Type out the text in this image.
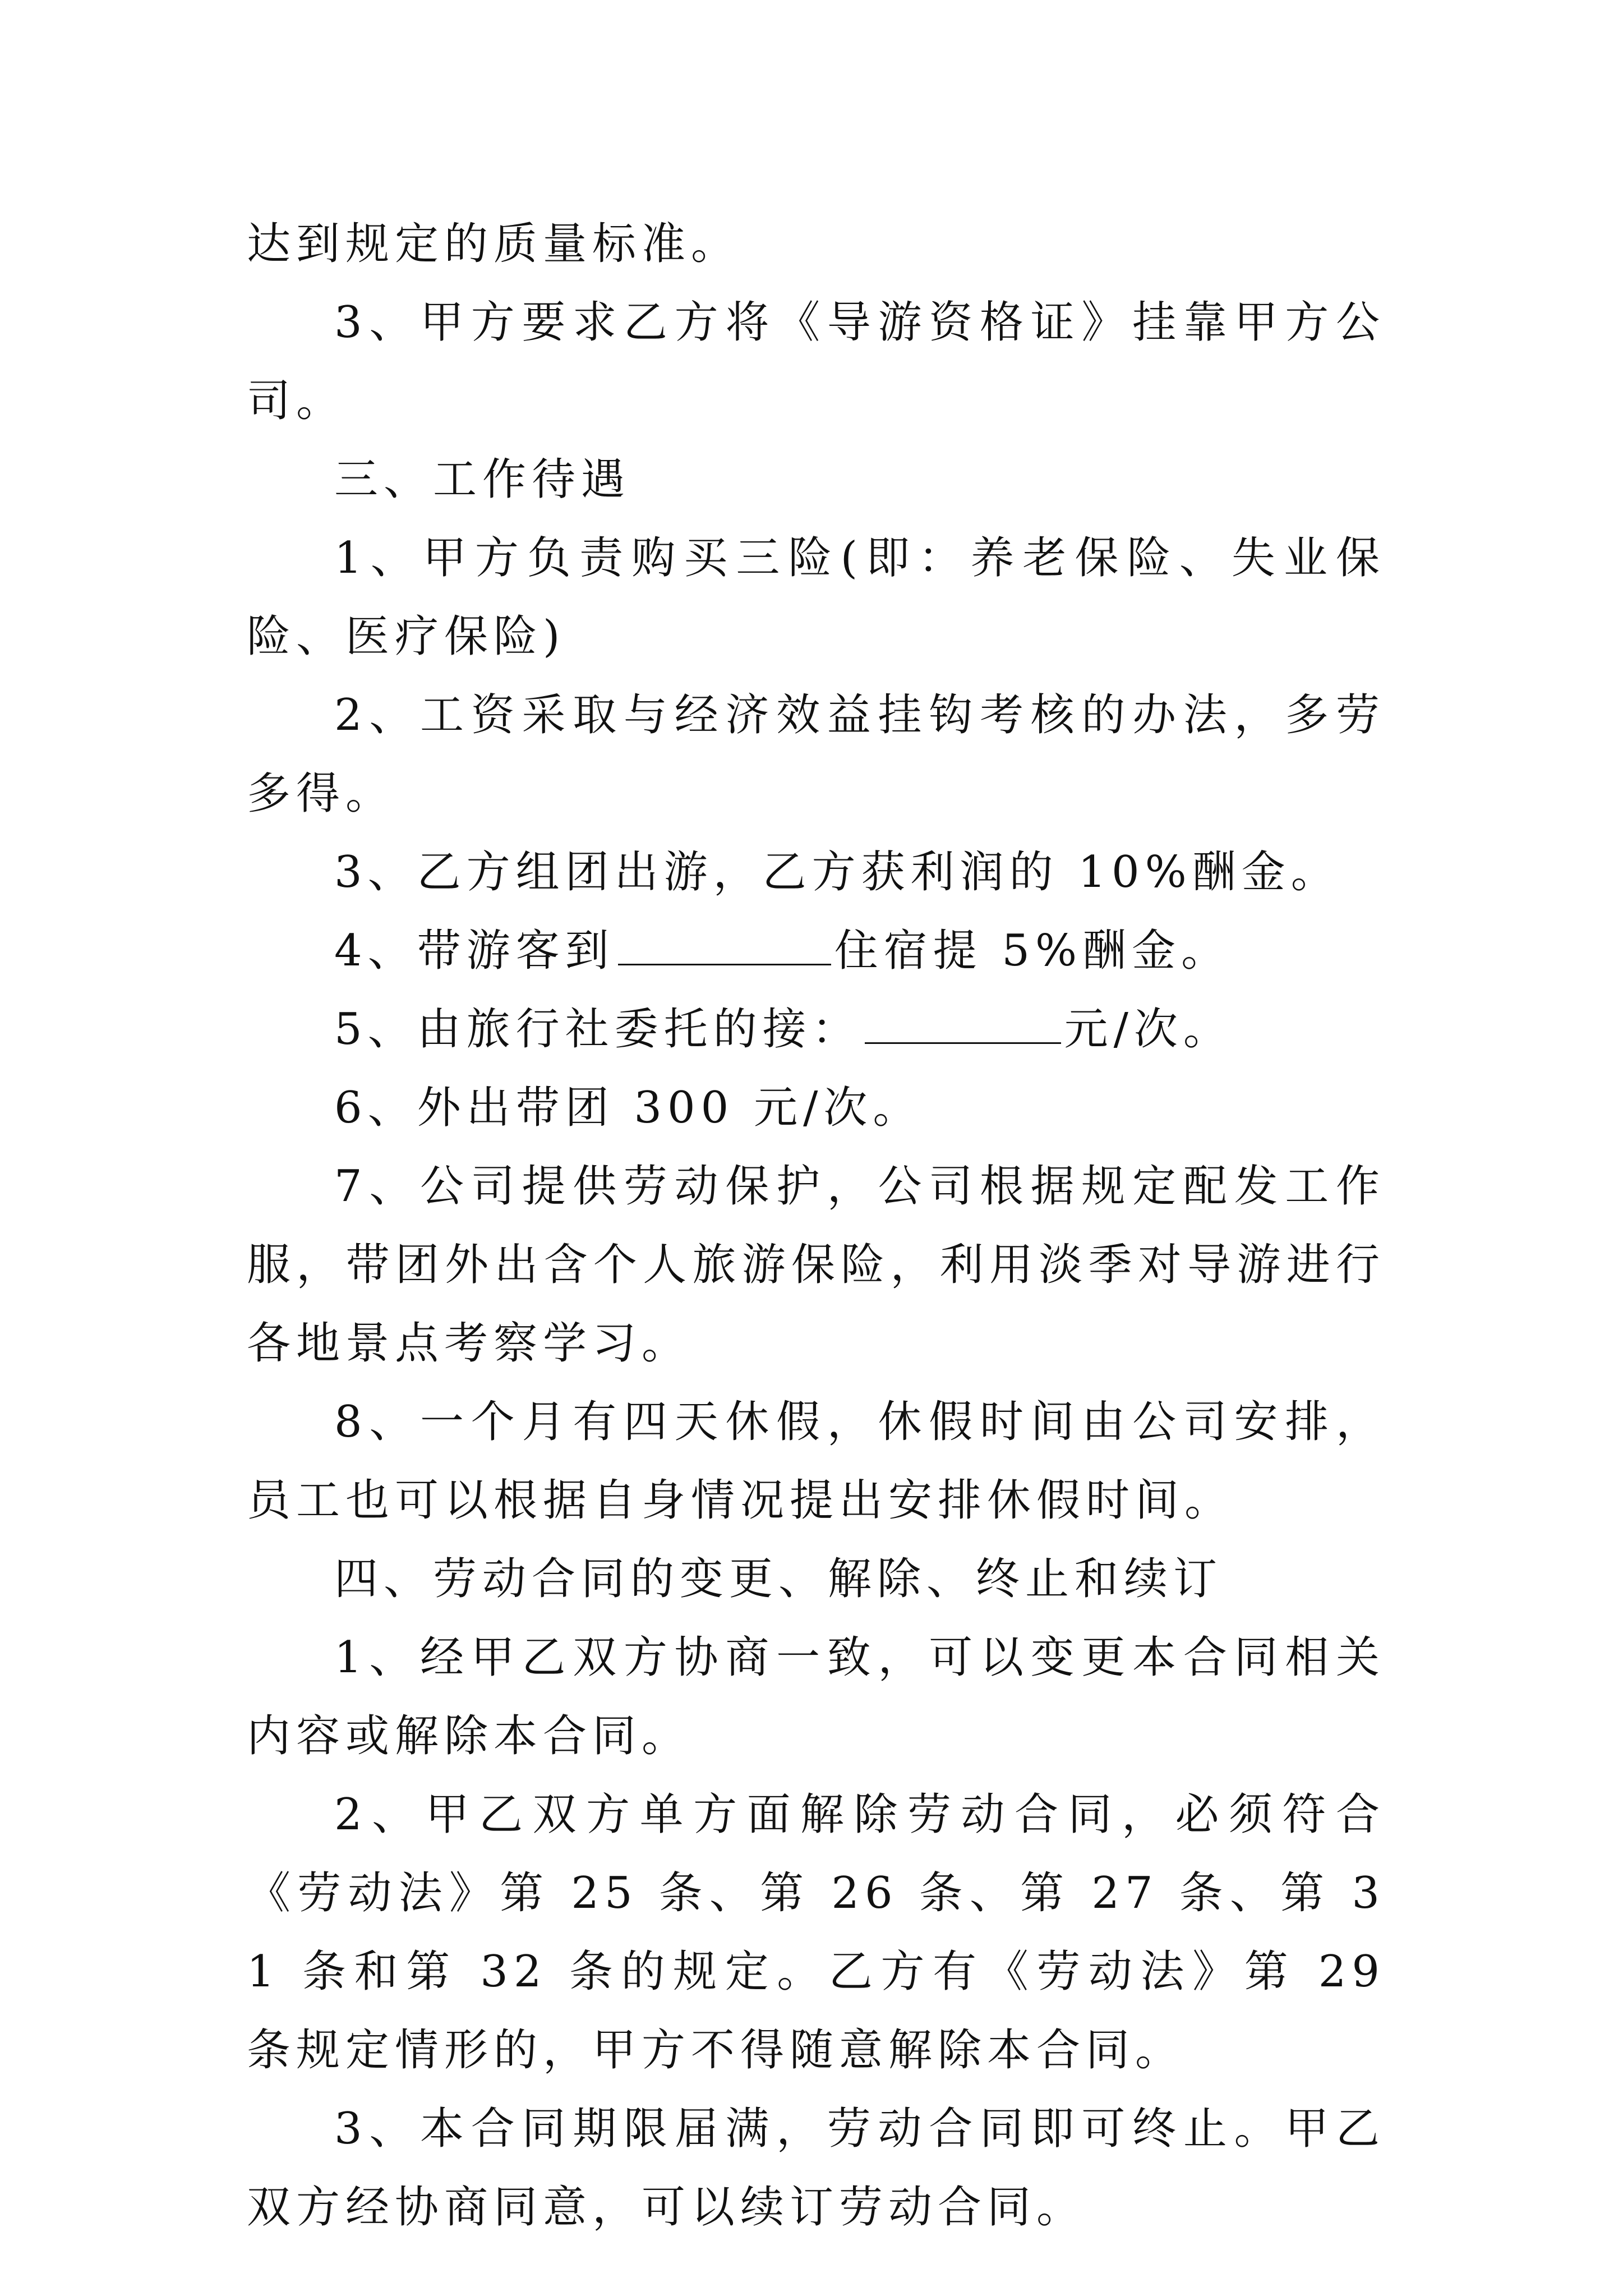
达到规定的质量标准。

3、甲方要求乙方将《导游资格证》挂靠甲方公司。

三、工作待遇

1、甲方负责购买三险(即：养老保险、失业保险、医疗保险)

2、工资采取与经济效益挂钩考核的办法，多劳多得。

3、乙方组团出游，乙方获利润的 10%酬金。

4、带游客到	住宿提 5%酬金。

5、由旅行社委托的接：	元/次。

6、外出带团 300 元/次。

7、公司提供劳动保护，公司根据规定配发工作服，带团外出含个人旅游保险，利用淡季对导游进行各地景点考察学习。

8、一个月有四天休假，休假时间由公司安排，员工也可以根据自身情况提出安排休假时间。

四、劳动合同的变更、解除、终止和续订

1、经甲乙双方协商一致，可以变更本合同相关内容或解除本合同。

2、甲乙双方单方面解除劳动合同，必须符合《劳动法》第 25 条、第 26 条、第 27 条、第 31 条和第 32 条的规定。乙方有《劳动法》第 29 条规定情形的，甲方不得随意解除本合同。

3、本合同期限届满，劳动合同即可终止。甲乙双方经协商同意，可以续订劳动合同。
